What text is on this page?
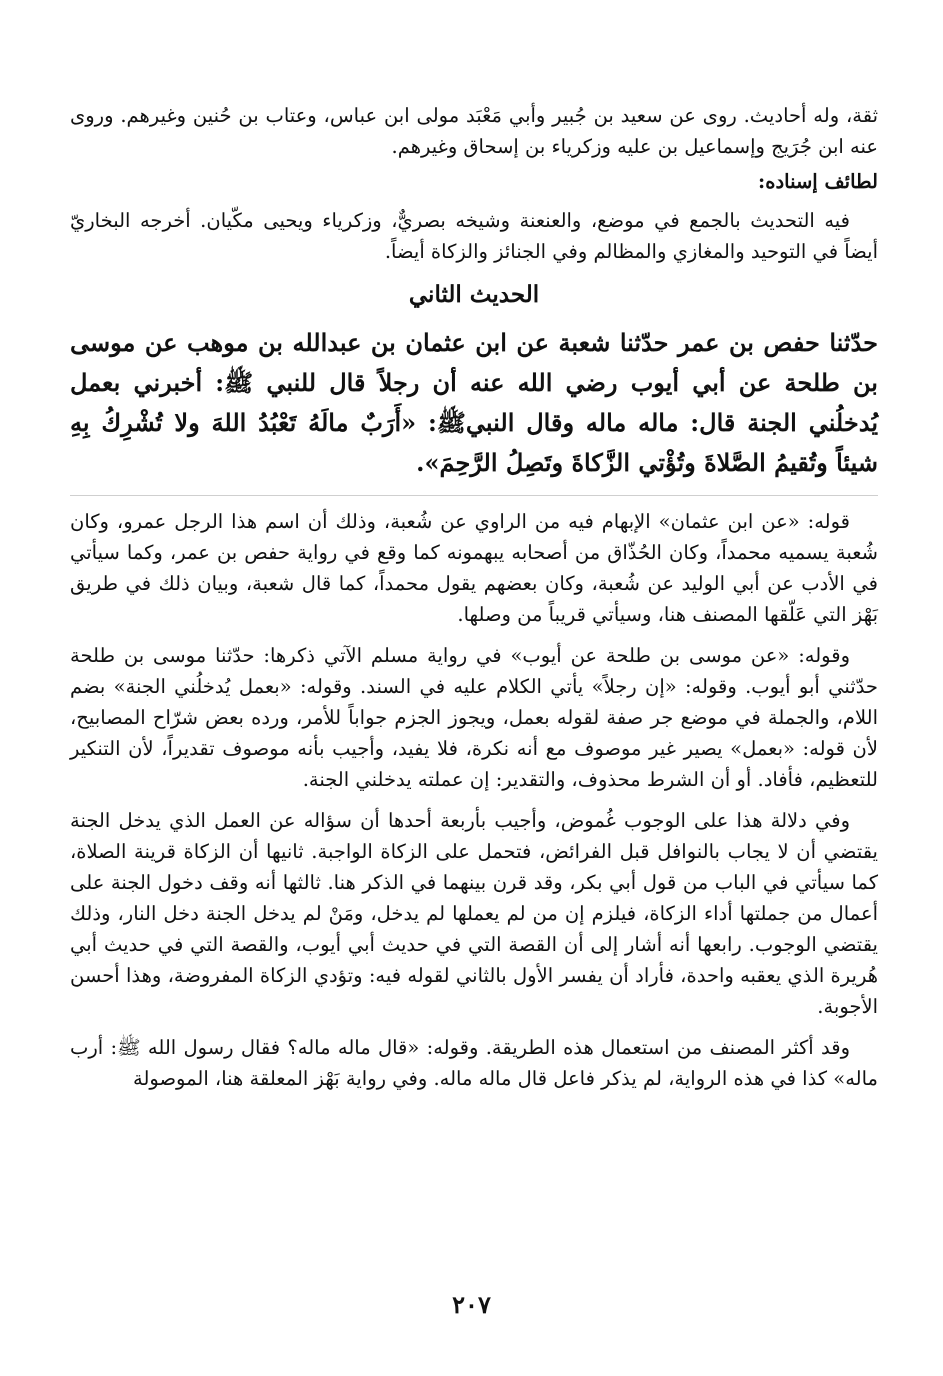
ثقة، وله أحاديث. روى عن سعيد بن جُبير وأبي مَعْبَد مولى ابن عباس، وعتاب بن حُنين وغيرهم. وروى عنه ابن جُرَيج وإسماعيل بن عليه وزكرياء بن إسحاق وغيرهم.

لطائف إسناده:

فيه التحديث بالجمع في موضع، والعنعنة وشيخه بصريٌّ، وزكرياء ويحيى مكّيان. أخرجه البخاريّ أيضاً في التوحيد والمغازي والمظالم وفي الجنائز والزكاة أيضاً.

الحديث الثاني

حدّثنا حفص بن عمر حدّثنا شعبة عن ابن عثمان بن عبدالله بن موهب عن موسى بن طلحة عن أبي أيوب رضي الله عنه أن رجلاً قال للنبي ﷺ: أخبرني بعمل يُدخلُني الجنة قال: ماله ماله وقال النبيﷺ: «أَرَبٌ مالَهُ تَعْبُدُ اللهَ ولا تُشْرِكُ بِهِ شيئاً وتُقيمُ الصَّلاةَ وتُؤْتي الزَّكاةَ وتَصِلُ الرَّحِمَ».

قوله: «عن ابن عثمان» الإبهام فيه من الراوي عن شُعبة، وذلك أن اسم هذا الرجل عمرو، وكان شُعبة يسميه محمداً، وكان الحُذّاق من أصحابه يبهمونه كما وقع في رواية حفص بن عمر، وكما سيأتي في الأدب عن أبي الوليد عن شُعبة، وكان بعضهم يقول محمداً، كما قال شعبة، وبيان ذلك في طريق بَهْز التي عَلّقها المصنف هنا، وسيأتي قريباً من وصلها.

وقوله: «عن موسى بن طلحة عن أيوب» في رواية مسلم الآتي ذكرها: حدّثنا موسى بن طلحة حدّثني أبو أيوب. وقوله: «إن رجلاً» يأتي الكلام عليه في السند. وقوله: «بعمل يُدخلُني الجنة» بضم اللام، والجملة في موضع جر صفة لقوله بعمل، ويجوز الجزم جواباً للأمر، ورده بعض شرّاح المصابيح، لأن قوله: «بعمل» يصير غير موصوف مع أنه نكرة، فلا يفيد، وأجيب بأنه موصوف تقديراً، لأن التنكير للتعظيم، فأفاد. أو أن الشرط محذوف، والتقدير: إن عملته يدخلني الجنة.

وفي دلالة هذا على الوجوب غُموض، وأجيب بأربعة أحدها أن سؤاله عن العمل الذي يدخل الجنة يقتضي أن لا يجاب بالنوافل قبل الفرائض، فتحمل على الزكاة الواجبة. ثانيها أن الزكاة قرينة الصلاة، كما سيأتي في الباب من قول أبي بكر، وقد قرن بينهما في الذكر هنا. ثالثها أنه وقف دخول الجنة على أعمال من جملتها أداء الزكاة، فيلزم إن من لم يعملها لم يدخل، ومَنْ لم يدخل الجنة دخل النار، وذلك يقتضي الوجوب. رابعها أنه أشار إلى أن القصة التي في حديث أبي أيوب، والقصة التي في حديث أبي هُريرة الذي يعقبه واحدة، فأراد أن يفسر الأول بالثاني لقوله فيه: وتؤدي الزكاة المفروضة، وهذا أحسن الأجوبة.

وقد أكثر المصنف من استعمال هذه الطريقة. وقوله: «قال ماله ماله؟ فقال رسول الله ﷺ: أرب ماله» كذا في هذه الرواية، لم يذكر فاعل قال ماله ماله. وفي رواية بَهْز المعلقة هنا، الموصولة

٢٠٧
